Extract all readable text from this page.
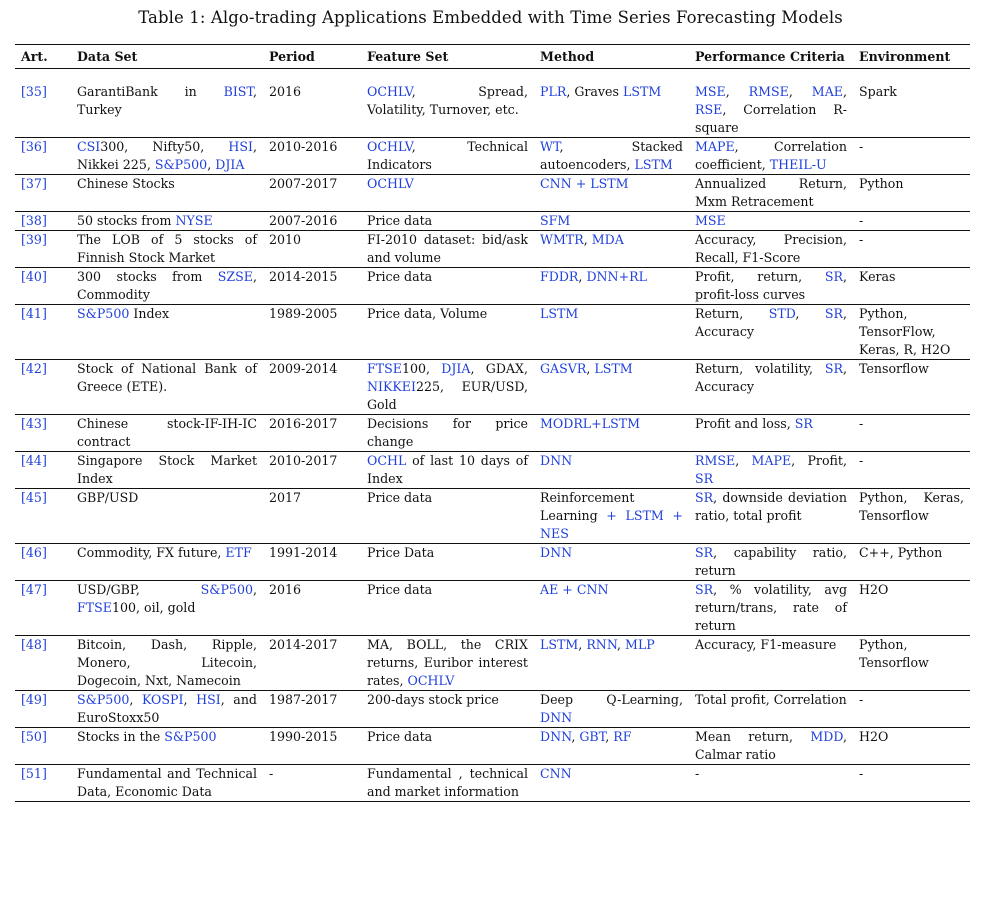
Table 1: Algo-trading Applications Embedded with Time Series Forecasting Models
Art.	Data Set	Period	Feature Set	Method	Performance Criteria	Environment
[35]	GarantiBank in BIST, Turkey	2016	OCHLV, Spread, Volatility, Turnover, etc.	PLR, Graves LSTM	MSE, RMSE, MAE, RSE, Correlation R-square	Spark
[36]	CSI300, Nifty50, HSI, Nikkei 225, S&P500, DJIA	2010-2016	OCHLV, Technical Indicators	WT, Stacked autoencoders, LSTM	MAPE, Correlation coefficient, THEIL-U	-
[37]	Chinese Stocks	2007-2017	OCHLV	CNN + LSTM	Annualized Return, Mxm Retracement	Python
[38]	50 stocks from NYSE	2007-2016	Price data	SFM	MSE	-
[39]	The LOB of 5 stocks of Finnish Stock Market	2010	FI-2010 dataset: bid/ask and volume	WMTR, MDA	Accuracy, Precision, Recall, F1-Score	-
[40]	300 stocks from SZSE, Commodity	2014-2015	Price data	FDDR, DNN+RL	Profit, return, SR, profit-loss curves	Keras
[41]	S&P500 Index	1989-2005	Price data, Volume	LSTM	Return, STD, SR, Accuracy	Python, TensorFlow, Keras, R, H2O
[42]	Stock of National Bank of Greece (ETE).	2009-2014	FTSE100, DJIA, GDAX, NIKKEI225, EUR/USD, Gold	GASVR, LSTM	Return, volatility, SR, Accuracy	Tensorflow
[43]	Chinese stock-IF-IH-IC contract	2016-2017	Decisions for price change	MODRL+LSTM	Profit and loss, SR	-
[44]	Singapore Stock Market Index	2010-2017	OCHL of last 10 days of Index	DNN	RMSE, MAPE, Profit, SR	-
[45]	GBP/USD	2017	Price data	Reinforcement Learning + LSTM + NES	SR, downside deviation ratio, total profit	Python, Keras, Tensorflow
[46]	Commodity, FX future, ETF	1991-2014	Price Data	DNN	SR, capability ratio, return	C++, Python
[47]	USD/GBP, S&P500, FTSE100, oil, gold	2016	Price data	AE + CNN	SR, % volatility, avg return/trans, rate of return	H2O
[48]	Bitcoin, Dash, Ripple, Monero, Litecoin, Dogecoin, Nxt, Namecoin	2014-2017	MA, BOLL, the CRIX returns, Euribor interest rates, OCHLV	LSTM, RNN, MLP	Accuracy, F1-measure	Python, Tensorflow
[49]	S&P500, KOSPI, HSI, and EuroStoxx50	1987-2017	200-days stock price	Deep Q-Learning, DNN	Total profit, Correlation	-
[50]	Stocks in the S&P500	1990-2015	Price data	DNN, GBT, RF	Mean return, MDD, Calmar ratio	H2O
[51]	Fundamental and Technical Data, Economic Data	-	Fundamental , technical and market information	CNN	-	-
